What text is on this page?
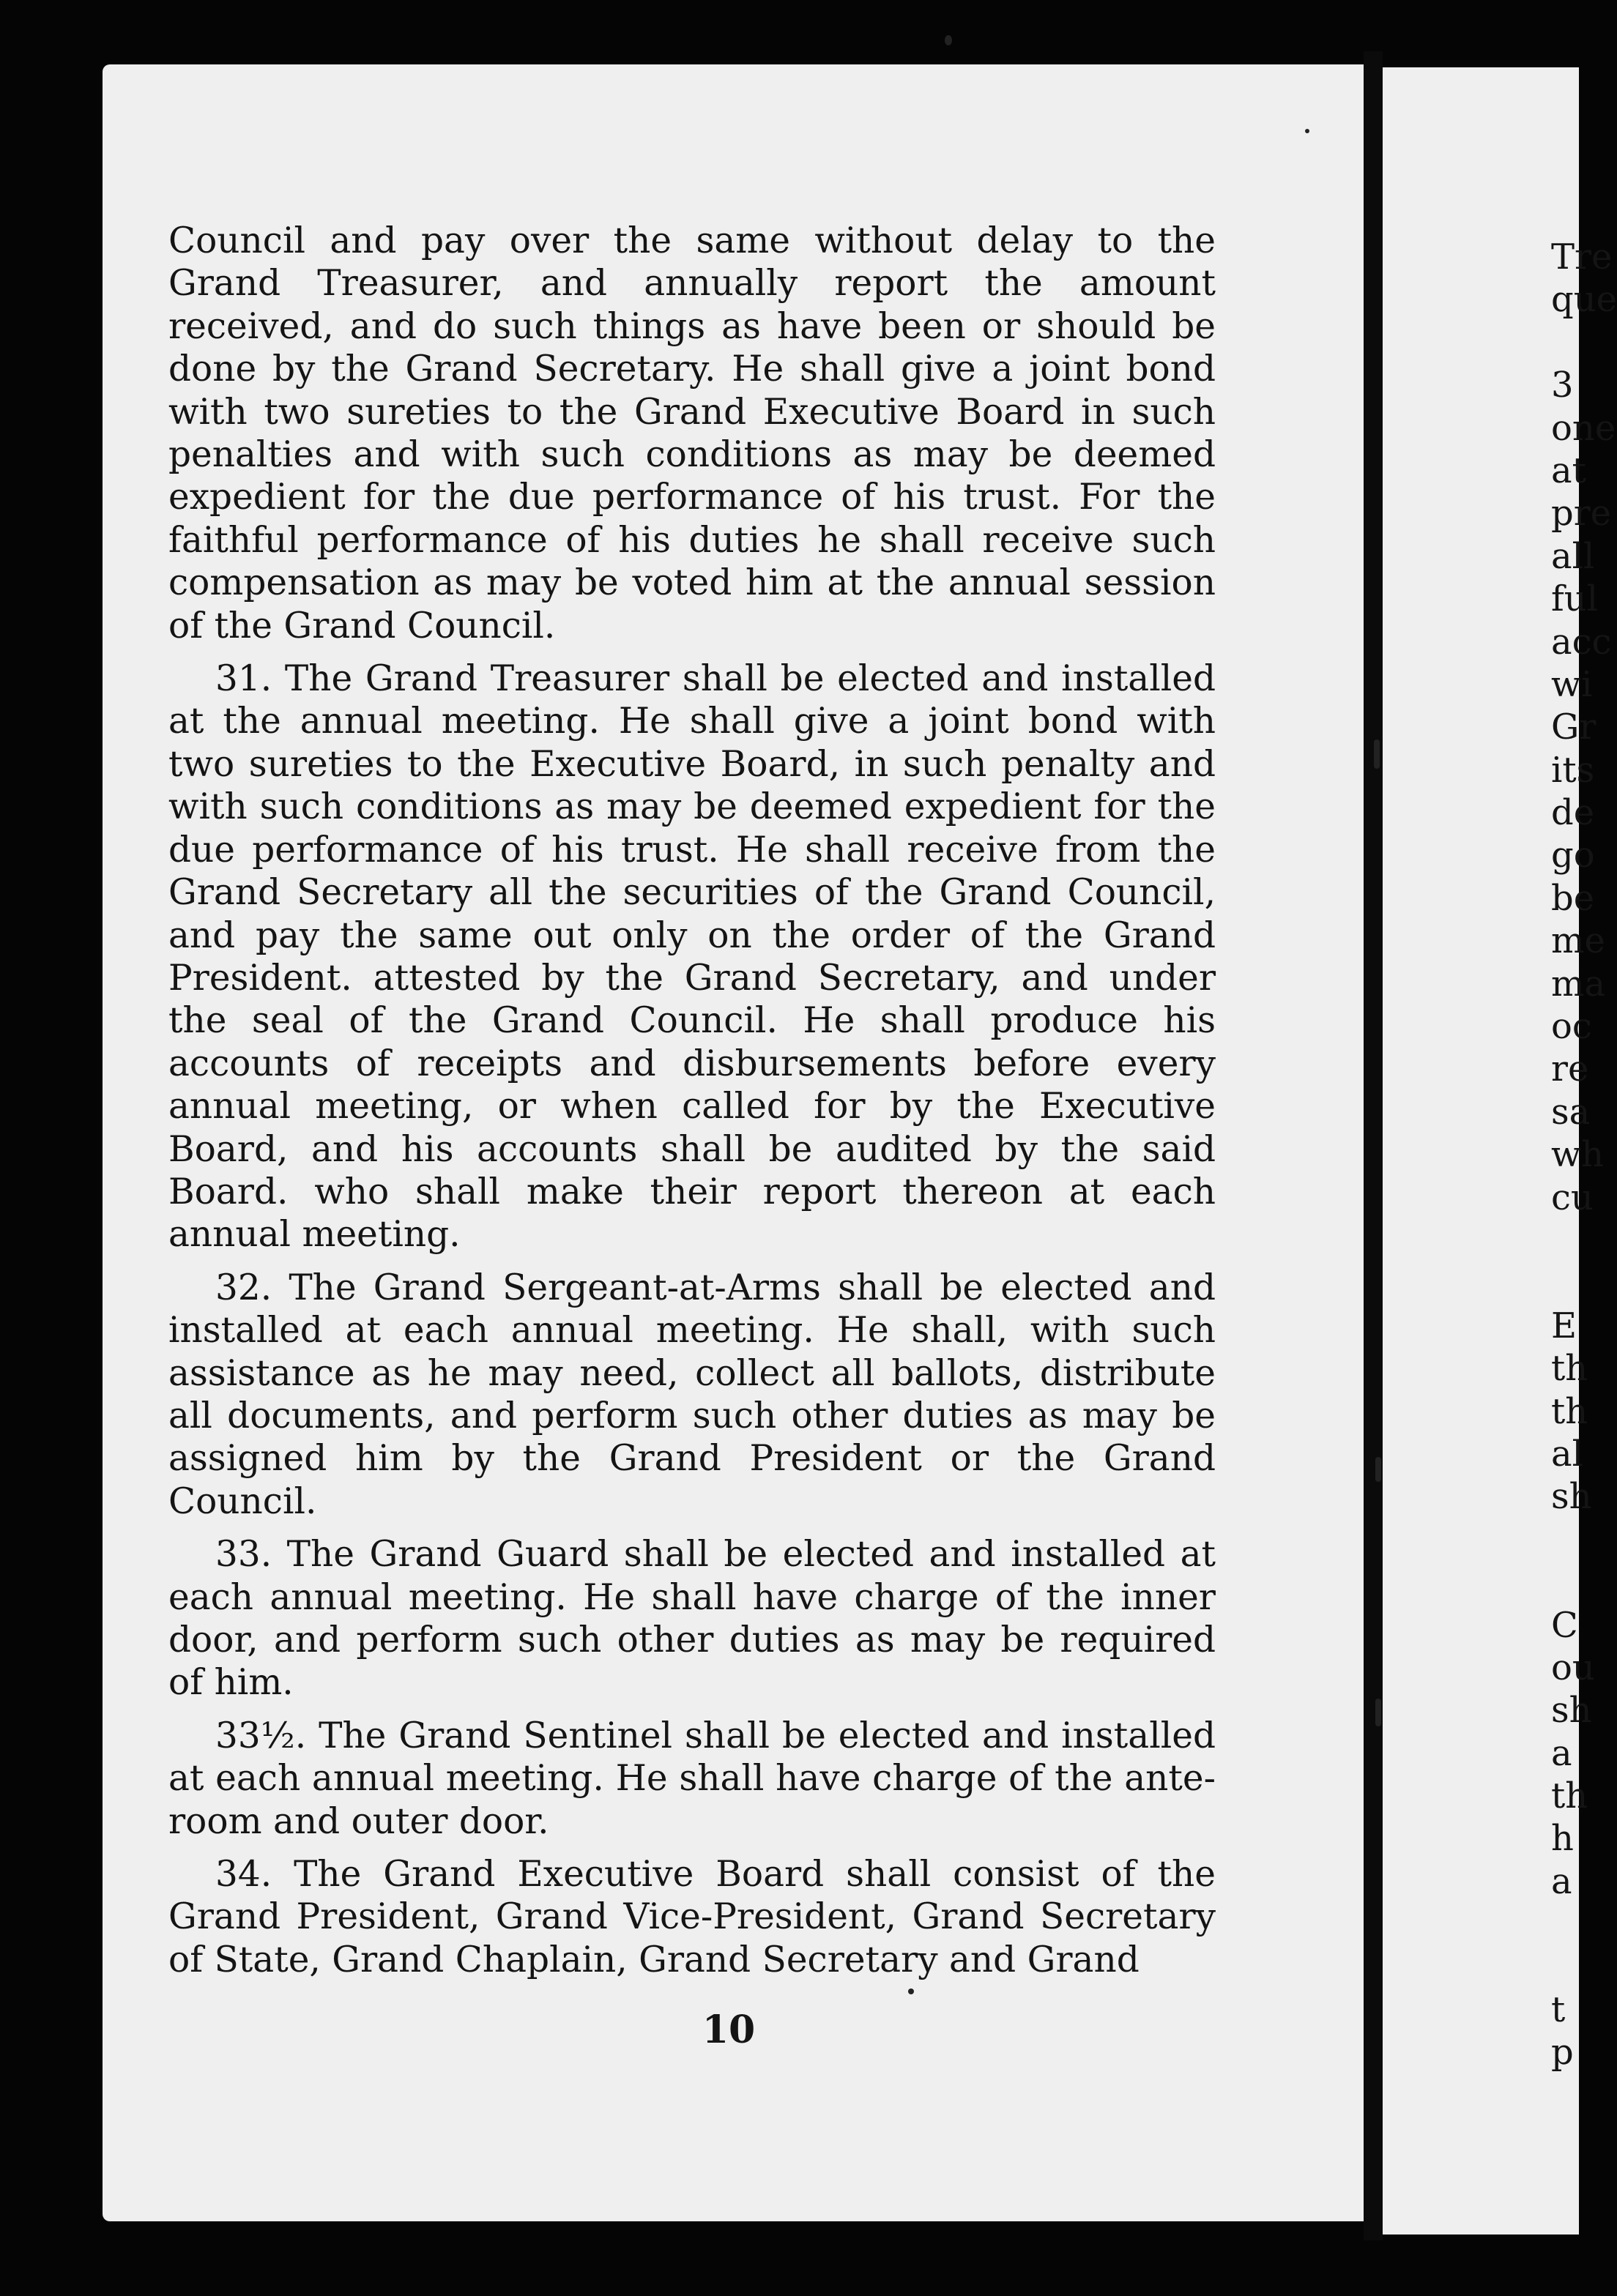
Council and pay over the same without delay to the Grand Treasurer, and annually report the amount received, and do such things as have been or should be done by the Grand Secretary. He shall give a joint bond with two sureties to the Grand Executive Board in such penalties and with such conditions as may be deemed expedient for the due performance of his trust. For the faithful performance of his duties he shall receive such compensation as may be voted him at the annual session of the Grand Council.

31. The Grand Treasurer shall be elected and installed at the annual meeting. He shall give a joint bond with two sureties to the Executive Board, in such penalty and with such conditions as may be deemed expedient for the due performance of his trust. He shall receive from the Grand Secretary all the securities of the Grand Council, and pay the same out only on the order of the Grand President. attested by the Grand Secretary, and under the seal of the Grand Council. He shall produce his accounts of receipts and disbursements before every annual meeting, or when called for by the Executive Board, and his accounts shall be audited by the said Board. who shall make their report thereon at each annual meeting.

32. The Grand Sergeant-at-Arms shall be elected and installed at each annual meeting. He shall, with such assistance as he may need, collect all ballots, distribute all documents, and perform such other duties as may be assigned him by the Grand President or the Grand Council.

33. The Grand Guard shall be elected and installed at each annual meeting. He shall have charge of the inner door, and perform such other duties as may be required of him.

33½. The Grand Sentinel shall be elected and installed at each annual meeting. He shall have charge of the ante-room and outer door.

34. The Grand Executive Board shall consist of the Grand President, Grand Vice-President, Grand Secretary of State, Grand Chaplain, Grand Secretary and Grand

10
Tre
que
3
one
at
pre
all
ful
acc
wi
Gr
its
de
go
be
me
ma
oc
re
sa
wh
cu
E
th
th
al
sh
C
ou
sh
a
th
h
a
t
p
